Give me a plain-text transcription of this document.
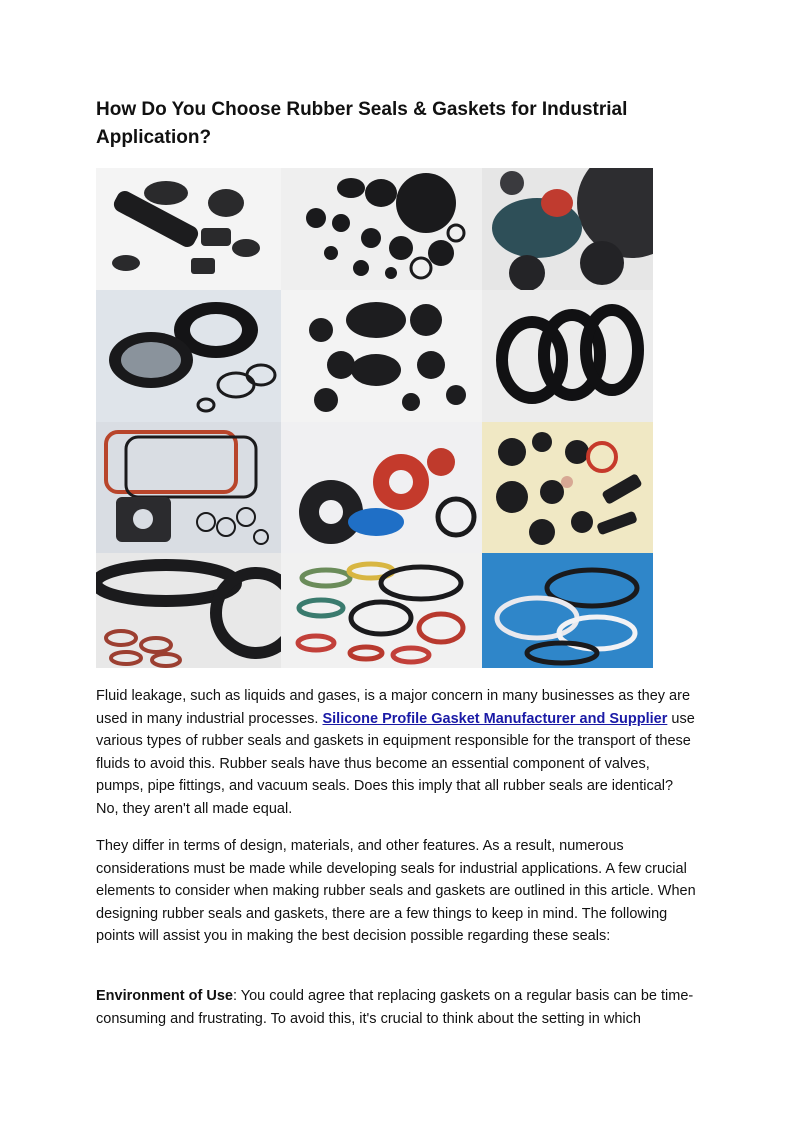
How Do You Choose Rubber Seals & Gaskets for Industrial Application?

Fluid leakage, such as liquids and gases, is a major concern in many businesses as they are used in many industrial processes. Silicone Profile Gasket Manufacturer and Supplier use various types of rubber seals and gaskets in equipment responsible for the transport of these fluids to avoid this. Rubber seals have thus become an essential component of valves, pumps, pipe fittings, and vacuum seals. Does this imply that all rubber seals are identical? No, they aren't all made equal.

They differ in terms of design, materials, and other features. As a result, numerous considerations must be made while developing seals for industrial applications. A few crucial elements to consider when making rubber seals and gaskets are outlined in this article. When designing rubber seals and gaskets, there are a few things to keep in mind. The following points will assist you in making the best decision possible regarding these seals:

Environment of Use: You could agree that replacing gaskets on a regular basis can be time-consuming and frustrating. To avoid this, it's crucial to think about the setting in which
